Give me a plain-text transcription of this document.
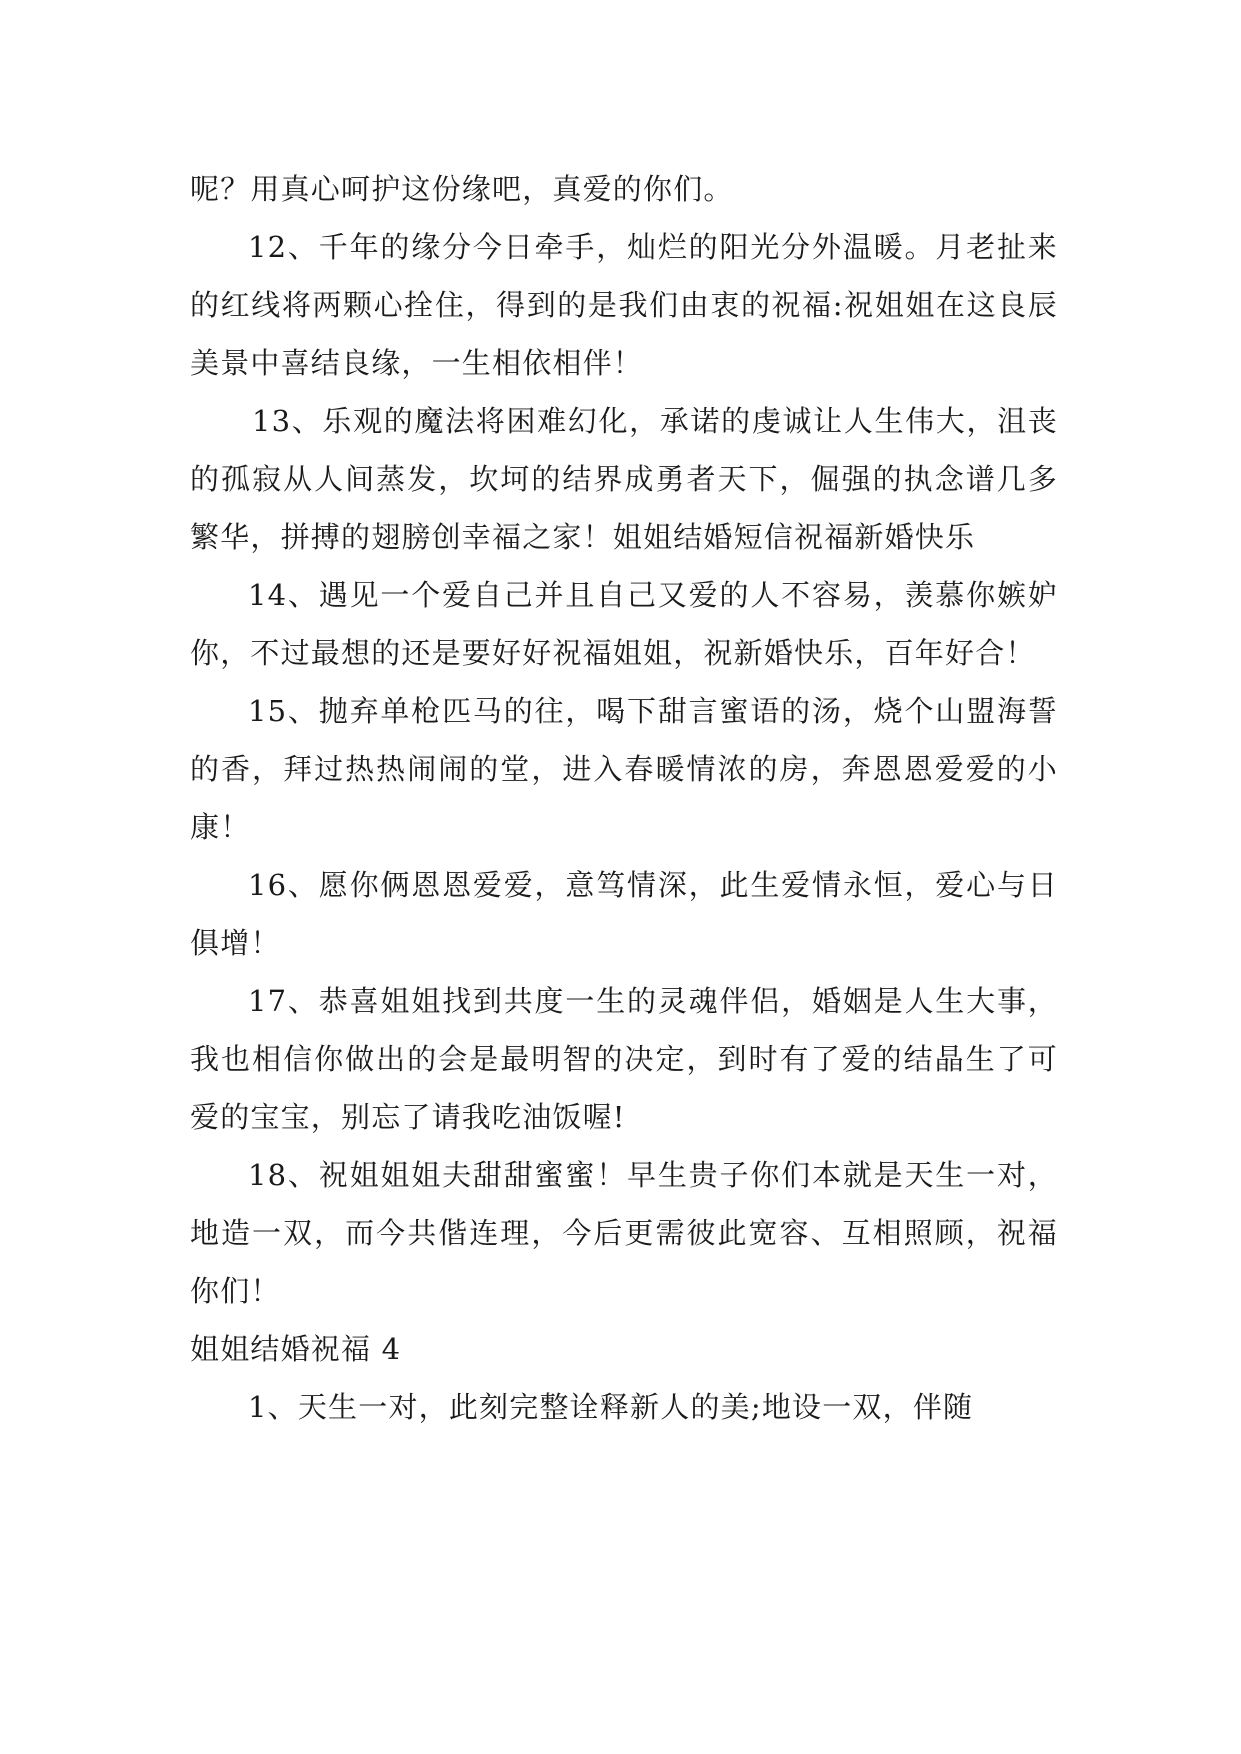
呢？用真心呵护这份缘吧，真爱的你们。

12、千年的缘分今日牵手，灿烂的阳光分外温暖。月老扯来的红线将两颗心拴住，得到的是我们由衷的祝福:祝姐姐在这良辰美景中喜结良缘，一生相依相伴！

13、乐观的魔法将困难幻化，承诺的虔诚让人生伟大，沮丧的孤寂从人间蒸发，坎坷的结界成勇者天下，倔强的执念谱几多繁华，拼搏的翅膀创幸福之家！姐姐结婚短信祝福新婚快乐

14、遇见一个爱自己并且自己又爱的人不容易，羡慕你嫉妒你，不过最想的还是要好好祝福姐姐，祝新婚快乐，百年好合！

15、抛弃单枪匹马的往，喝下甜言蜜语的汤，烧个山盟海誓的香，拜过热热闹闹的堂，进入春暖情浓的房，奔恩恩爱爱的小康！

16、愿你俩恩恩爱爱，意笃情深，此生爱情永恒，爱心与日俱增！

17、恭喜姐姐找到共度一生的灵魂伴侣，婚姻是人生大事，我也相信你做出的会是最明智的决定，到时有了爱的结晶生了可爱的宝宝，别忘了请我吃油饭喔!

18、祝姐姐姐夫甜甜蜜蜜！早生贵子你们本就是天生一对，地造一双，而今共偕连理，今后更需彼此宽容、互相照顾，祝福你们！

姐姐结婚祝福 4

1、天生一对，此刻完整诠释新人的美;地设一双，伴随
